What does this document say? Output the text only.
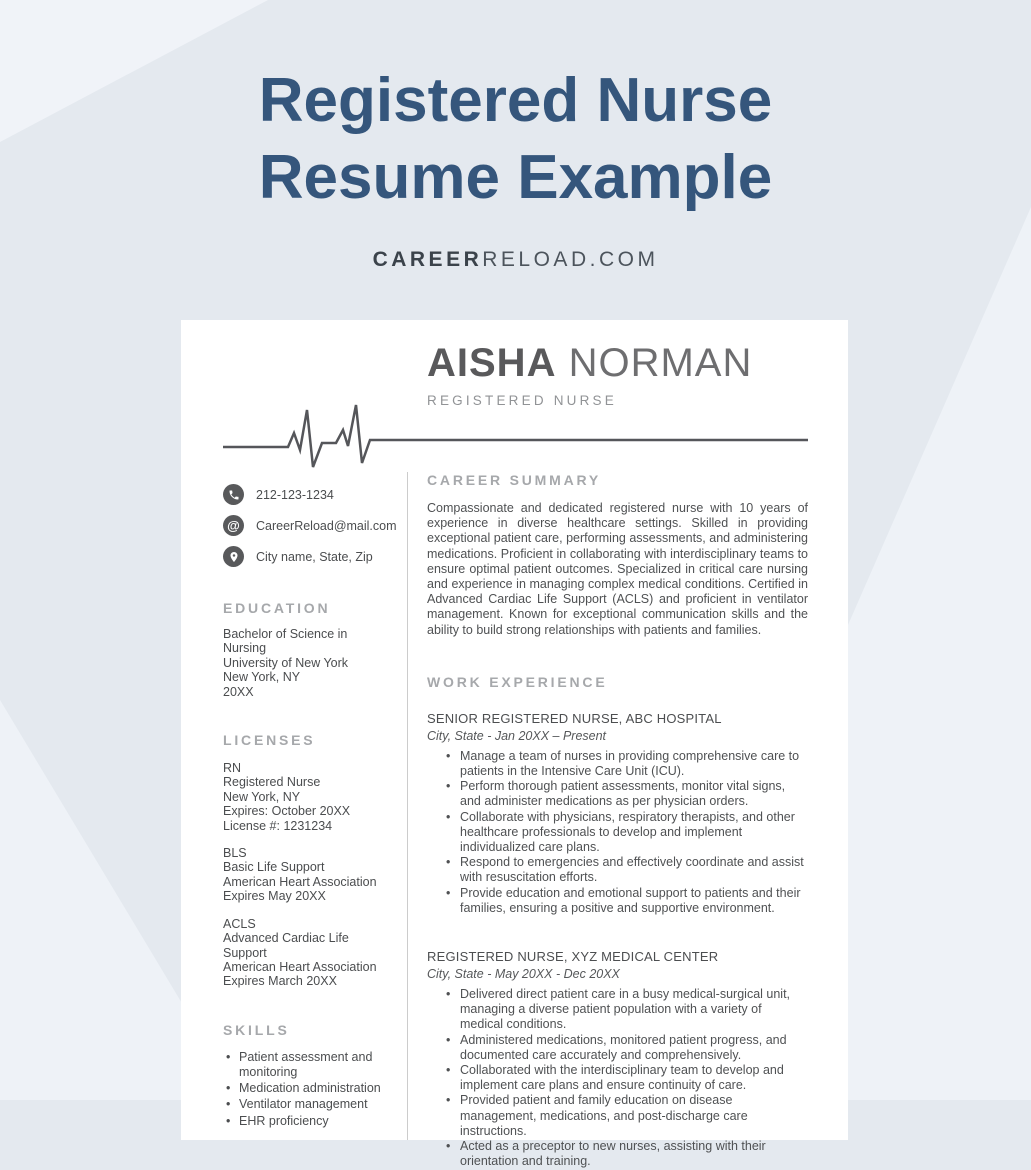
Registered Nurse
Resume Example
CAREERRELOAD.COM
AISHA NORMAN
REGISTERED NURSE
212-123-1234
@ CareerReload@mail.com
City name, State, Zip
EDUCATION
Bachelor of Science in Nursing
University of New York
New York, NY
20XX
LICENSES
RN
Registered Nurse
New York, NY
Expires: October 20XX
License #: 1231234
BLS
Basic Life Support
American Heart Association
Expires May 20XX
ACLS
Advanced Cardiac Life Support
American Heart Association
Expires March 20XX
SKILLS
• Patient assessment and monitoring
• Medication administration
• Ventilator management
• EHR proficiency
CAREER SUMMARY
Compassionate and dedicated registered nurse with 10 years of experience in diverse healthcare settings. Skilled in providing exceptional patient care, performing assessments, and administering medications. Proficient in collaborating with interdisciplinary teams to ensure optimal patient outcomes. Specialized in critical care nursing and experience in managing complex medical conditions. Certified in Advanced Cardiac Life Support (ACLS) and proficient in ventilator management. Known for exceptional communication skills and the ability to build strong relationships with patients and families.
WORK EXPERIENCE
SENIOR REGISTERED NURSE, ABC HOSPITAL
City, State - Jan 20XX – Present
• Manage a team of nurses in providing comprehensive care to patients in the Intensive Care Unit (ICU).
• Perform thorough patient assessments, monitor vital signs, and administer medications as per physician orders.
• Collaborate with physicians, respiratory therapists, and other healthcare professionals to develop and implement individualized care plans.
• Respond to emergencies and effectively coordinate and assist with resuscitation efforts.
• Provide education and emotional support to patients and their families, ensuring a positive and supportive environment.
REGISTERED NURSE, XYZ MEDICAL CENTER
City, State - May 20XX - Dec 20XX
• Delivered direct patient care in a busy medical-surgical unit, managing a diverse patient population with a variety of medical conditions.
• Administered medications, monitored patient progress, and documented care accurately and comprehensively.
• Collaborated with the interdisciplinary team to develop and implement care plans and ensure continuity of care.
• Provided patient and family education on disease management, medications, and post-discharge care instructions.
• Acted as a preceptor to new nurses, assisting with their orientation and training.
